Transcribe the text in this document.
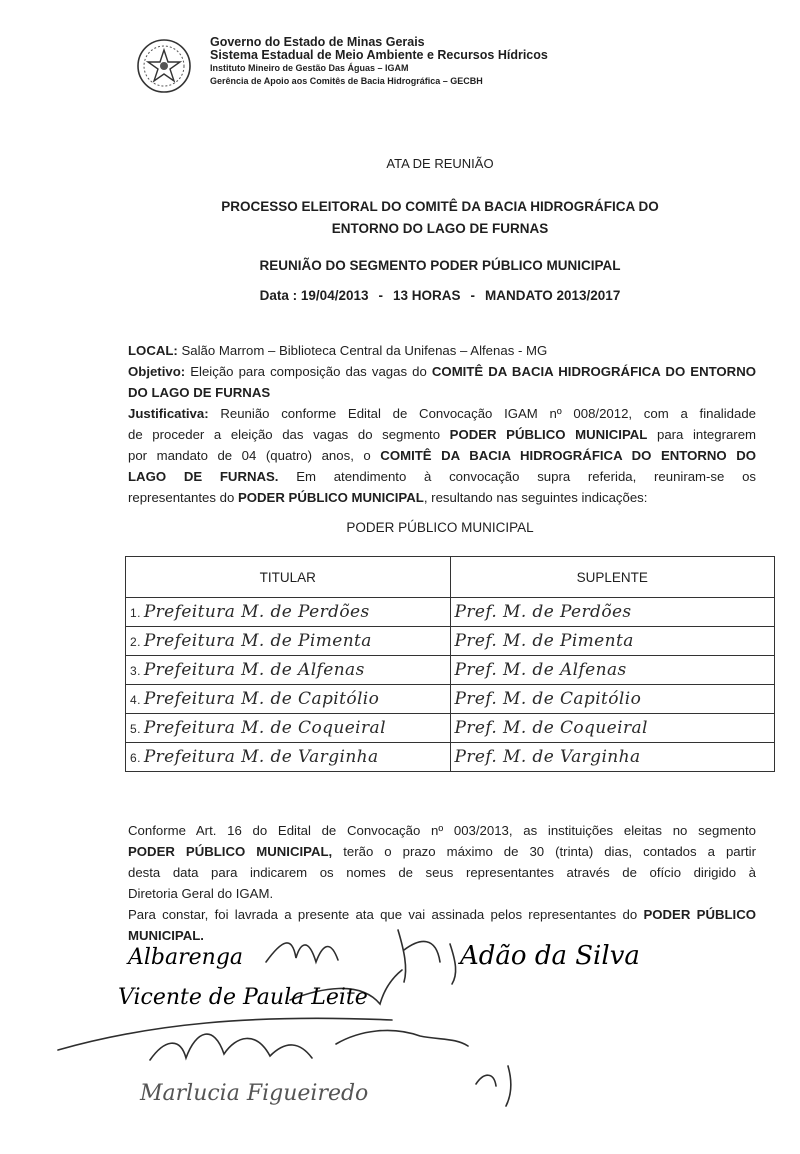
Governo do Estado de Minas Gerais
Sistema Estadual de Meio Ambiente e Recursos Hídricos
Instituto Mineiro de Gestão Das Águas – IGAM
Gerência de Apoio aos Comitês de Bacia Hidrográfica – GECBH
ATA DE REUNIÃO
PROCESSO ELEITORAL DO COMITÊ DA BACIA HIDROGRÁFICA DO
ENTORNO DO LAGO DE FURNAS
REUNIÃO DO SEGMENTO PODER PÚBLICO MUNICIPAL
Data : 19/04/2013 - 13 HORAS - MANDATO 2013/2017
LOCAL: Salão Marrom – Biblioteca Central da Unifenas – Alfenas - MG
Objetivo: Eleição para composição das vagas do COMITÊ DA BACIA HIDROGRÁFICA DO ENTORNO DO LAGO DE FURNAS
Justificativa: Reunião conforme Edital de Convocação IGAM nº 008/2012, com a finalidade
de proceder a eleição das vagas do segmento PODER PÚBLICO MUNICIPAL para integrarem
por mandato de 04 (quatro) anos, o COMITÊ DA BACIA HIDROGRÁFICA DO ENTORNO DO
LAGO DE FURNAS. Em atendimento à convocação supra referida, reuniram-se os
representantes do PODER PÚBLICO MUNICIPAL, resultando nas seguintes indicações:
PODER PÚBLICO MUNICIPAL
TITULAR	SUPLENTE
1. Prefeitura M. de Perdões	Pref. M. de Perdões
2. Prefeitura M. de Pimenta	Pref. M. de Pimenta
3. Prefeitura M. de Alfenas	Pref. M. de Alfenas
4. Prefeitura M. de Capitólio	Pref. M. de Capitólio
5. Prefeitura M. de Coqueiral	Pref. M. de Coqueiral
6. Prefeitura M. de Varginha	Pref. M. de Varginha
Conforme Art. 16 do Edital de Convocação nº 003/2013, as instituições eleitas no segmento
PODER PÚBLICO MUNICIPAL, terão o prazo máximo de 30 (trinta) dias, contados a partir
desta data para indicarem os nomes de seus representantes através de ofício dirigido à
Diretoria Geral do IGAM.
Para constar, foi lavrada a presente ata que vai assinada pelos representantes do PODER PÚBLICO MUNICIPAL.
Albarenga	Adão da Silva
Vicente de Paula Leite
Marlucia Figueiredo
